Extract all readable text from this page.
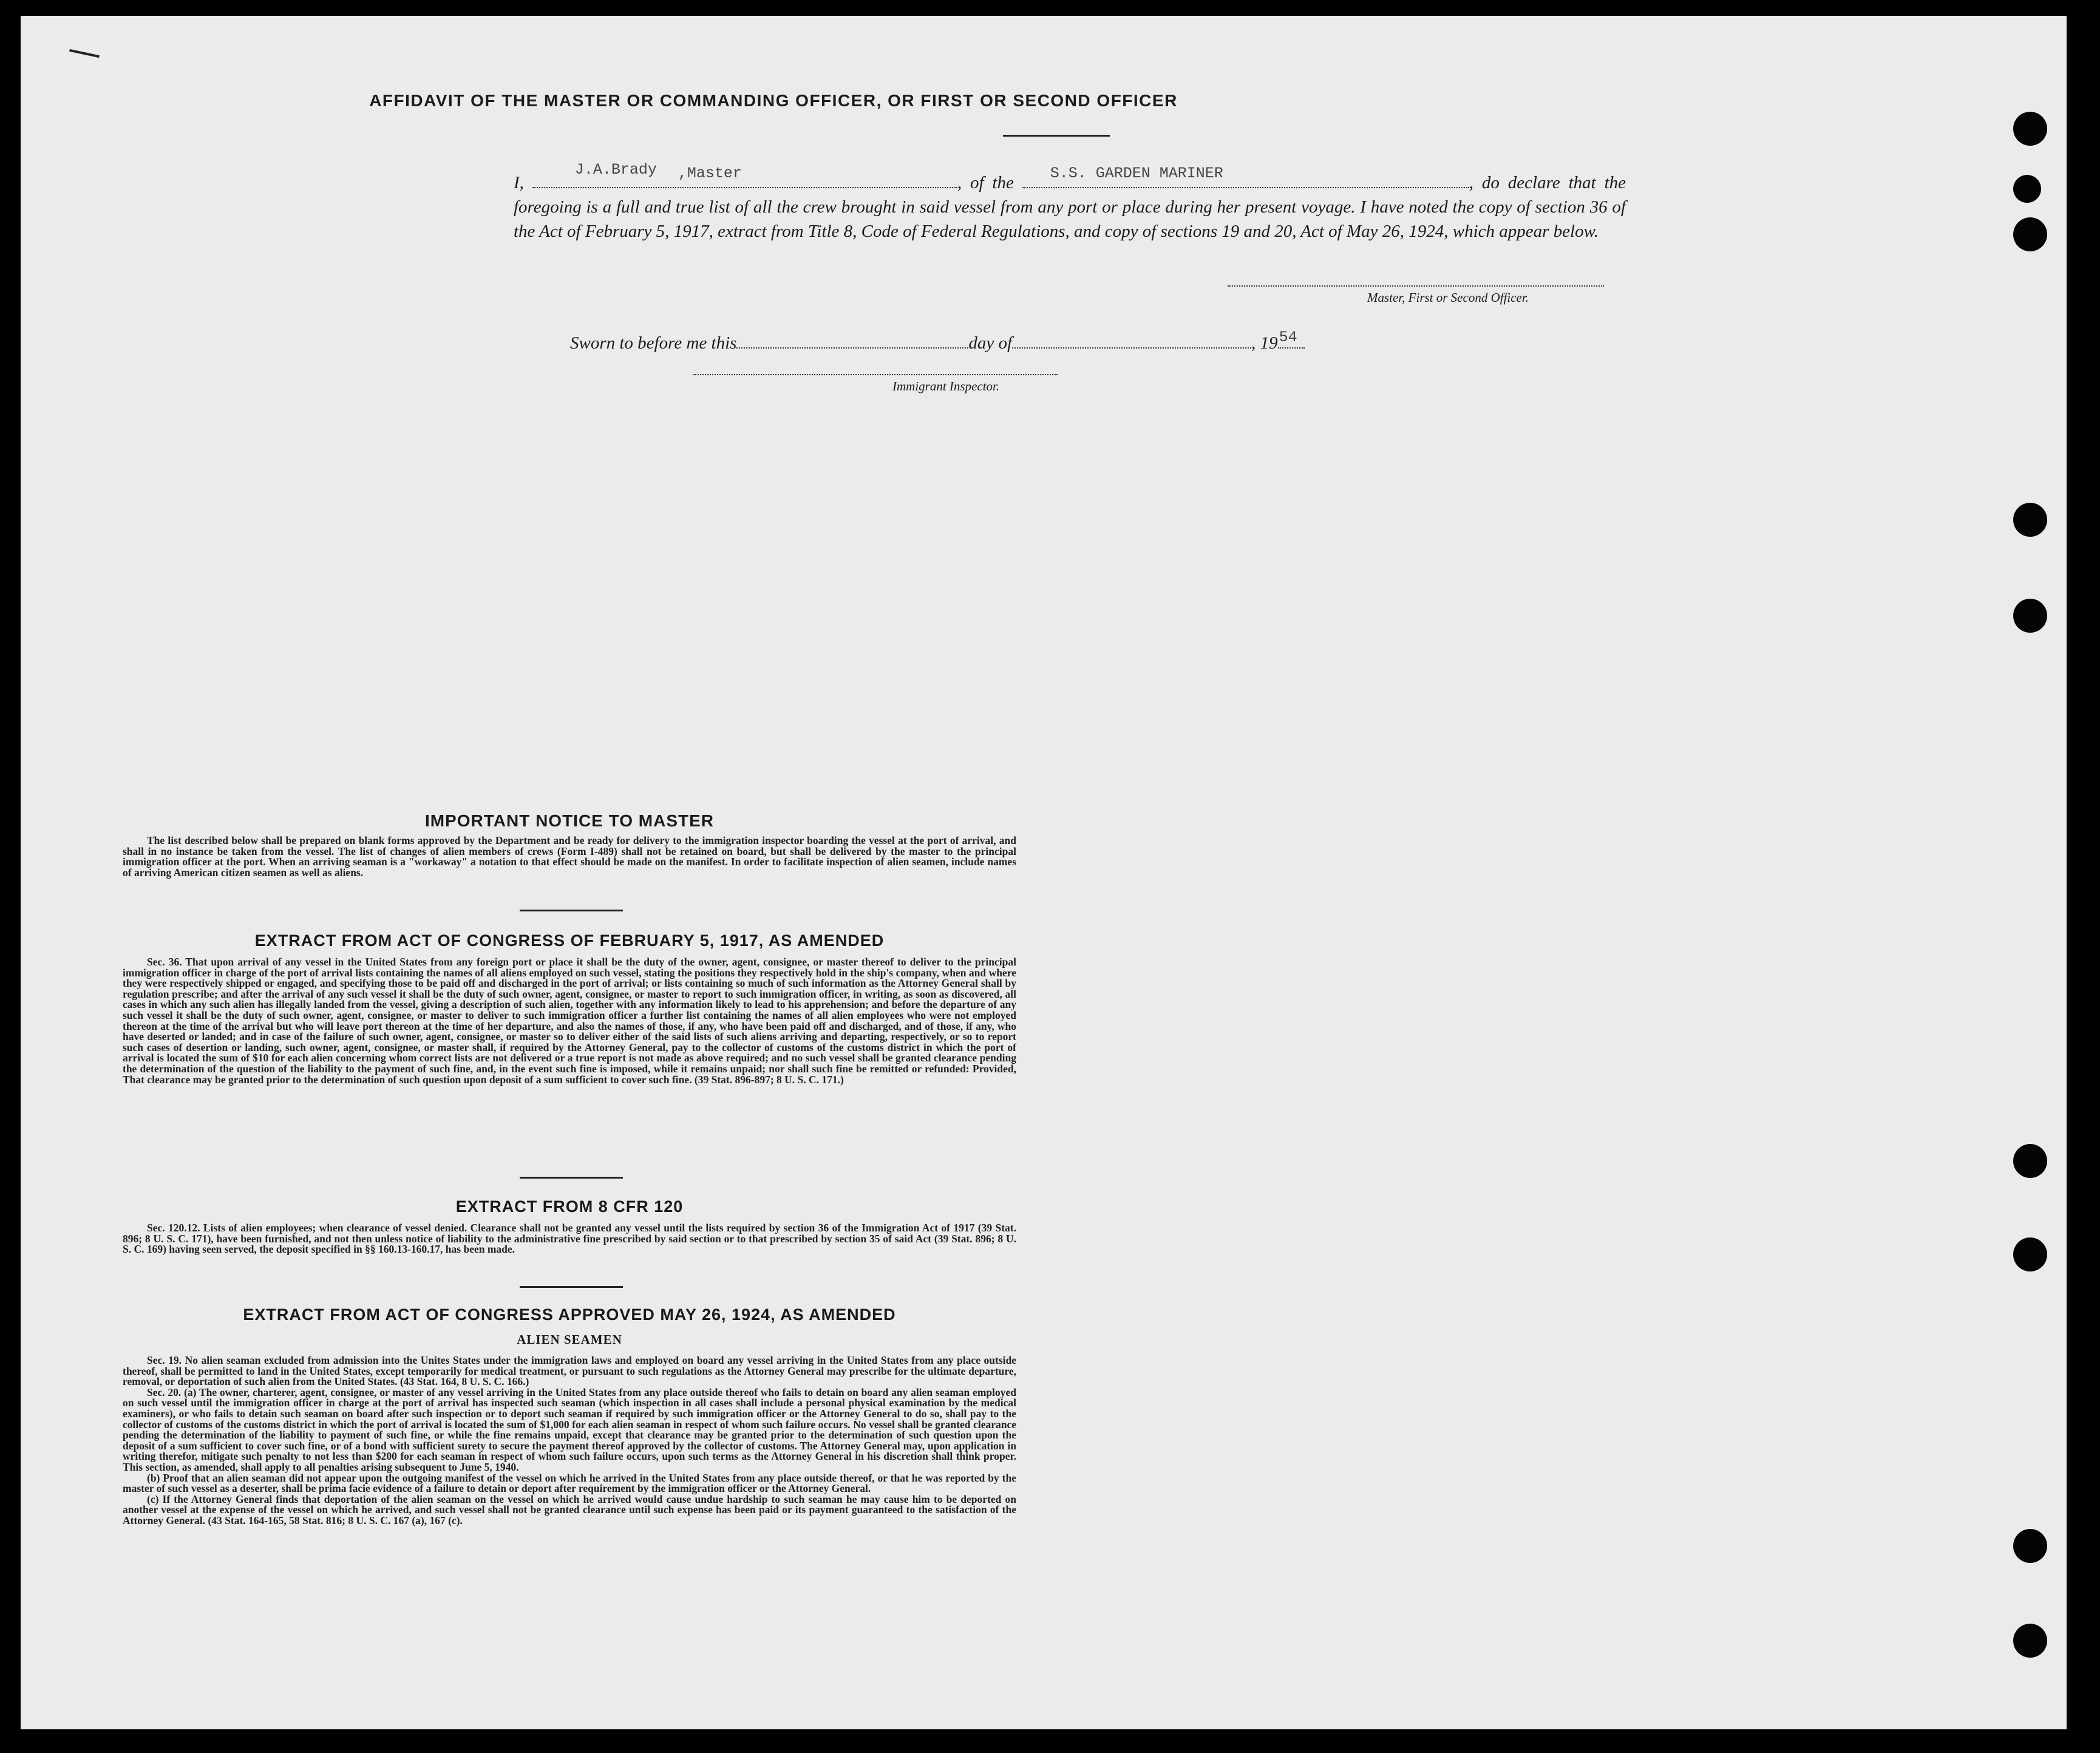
AFFIDAVIT OF THE MASTER OR COMMANDING OFFICER, OR FIRST OR SECOND OFFICER
I,
J.A.Brady ,Master	, of the S.S. GARDEN MARINER	, do declare that the foregoing is a full and true list of all the crew brought in said vessel from any port or place during her present voyage. I have noted the copy of section 36 of the Act of February 5, 1917, extract from Title 8, Code of Federal Regulations, and copy of sections 19 and 20, Act of May 26, 1924, which appear below.
Master, First or Second Officer.
Sworn to before me this	day of	, 19 54
Immigrant Inspector.
IMPORTANT NOTICE TO MASTER
The list described below shall be prepared on blank forms approved by the Department and be ready for delivery to the immigration inspector boarding the vessel at the port of arrival, and shall in no instance be taken from the vessel. The list of changes of alien members of crews (Form I-489) shall not be retained on board, but shall be delivered by the master to the principal immigration officer at the port. When an arriving seaman is a "workaway" a notation to that effect should be made on the manifest. In order to facilitate inspection of alien seamen, include names of arriving American citizen seamen as well as aliens.
EXTRACT FROM ACT OF CONGRESS OF FEBRUARY 5, 1917, AS AMENDED
Sec. 36. That upon arrival of any vessel in the United States from any foreign port or place it shall be the duty of the owner, agent, consignee, or master thereof to deliver to the principal immigration officer in charge of the port of arrival lists containing the names of all aliens employed on such vessel, stating the positions they respectively hold in the ship's company, when and where they were respectively shipped or engaged, and specifying those to be paid off and discharged in the port of arrival; or lists containing so much of such information as the Attorney General shall by regulation prescribe; and after the arrival of any such vessel it shall be the duty of such owner, agent, consignee, or master to report to such immigration officer, in writing, as soon as discovered, all cases in which any such alien has illegally landed from the vessel, giving a description of such alien, together with any information likely to lead to his apprehension; and before the departure of any such vessel it shall be the duty of such owner, agent, consignee, or master to deliver to such immigration officer a further list containing the names of all alien employees who were not employed thereon at the time of the arrival but who will leave port thereon at the time of her departure, and also the names of those, if any, who have been paid off and discharged, and of those, if any, who have deserted or landed; and in case of the failure of such owner, agent, consignee, or master so to deliver either of the said lists of such aliens arriving and departing, respectively, or so to report such cases of desertion or landing, such owner, agent, consignee, or master shall, if required by the Attorney General, pay to the collector of customs of the customs district in which the port of arrival is located the sum of $10 for each alien concerning whom correct lists are not delivered or a true report is not made as above required; and no such vessel shall be granted clearance pending the determination of the question of the liability to the payment of such fine, and, in the event such fine is imposed, while it remains unpaid; nor shall such fine be remitted or refunded: Provided, That clearance may be granted prior to the determination of such question upon deposit of a sum sufficient to cover such fine. (39 Stat. 896-897; 8 U. S. C. 171.)
EXTRACT FROM 8 CFR 120
Sec. 120.12. Lists of alien employees; when clearance of vessel denied. Clearance shall not be granted any vessel until the lists required by section 36 of the Immigration Act of 1917 (39 Stat. 896; 8 U. S. C. 171), have been furnished, and not then unless notice of liability to the administrative fine prescribed by said section or to that prescribed by section 35 of said Act (39 Stat. 896; 8 U. S. C. 169) having seen served, the deposit specified in §§ 160.13-160.17, has been made.
EXTRACT FROM ACT OF CONGRESS APPROVED MAY 26, 1924, AS AMENDED
ALIEN SEAMEN

Sec. 19. No alien seaman excluded from admission into the Unites States under the immigration laws and employed on board any vessel arriving in the United States from any place outside thereof, shall be permitted to land in the United States, except temporarily for medical treatment, or pursuant to such regulations as the Attorney General may prescribe for the ultimate departure, removal, or deportation of such alien from the United States. (43 Stat. 164, 8 U. S. C. 166.)

Sec. 20. (a) The owner, charterer, agent, consignee, or master of any vessel arriving in the United States from any place outside thereof who fails to detain on board any alien seaman employed on such vessel until the immigration officer in charge at the port of arrival has inspected such seaman (which inspection in all cases shall include a personal physical examination by the medical examiners), or who fails to detain such seaman on board after such inspection or to deport such seaman if required by such immigration officer or the Attorney General to do so, shall pay to the collector of customs of the customs district in which the port of arrival is located the sum of $1,000 for each alien seaman in respect of whom such failure occurs. No vessel shall be granted clearance pending the determination of the liability to payment of such fine, or while the fine remains unpaid, except that clearance may be granted prior to the determination of such question upon the deposit of a sum sufficient to cover such fine, or of a bond with sufficient surety to secure the payment thereof approved by the collector of customs. The Attorney General may, upon application in writing therefor, mitigate such penalty to not less than $200 for each seaman in respect of whom such failure occurs, upon such terms as the Attorney General in his discretion shall think proper. This section, as amended, shall apply to all penalties arising subsequent to June 5, 1940.

(b) Proof that an alien seaman did not appear upon the outgoing manifest of the vessel on which he arrived in the United States from any place outside thereof, or that he was reported by the master of such vessel as a deserter, shall be prima facie evidence of a failure to detain or deport after requirement by the immigration officer or the Attorney General.

(c) If the Attorney General finds that deportation of the alien seaman on the vessel on which he arrived would cause undue hardship to such seaman he may cause him to be deported on another vessel at the expense of the vessel on which he arrived, and such vessel shall not be granted clearance until such expense has been paid or its payment guaranteed to the satisfaction of the Attorney General. (43 Stat. 164-165, 58 Stat. 816; 8 U. S. C. 167 (a), 167 (c).
